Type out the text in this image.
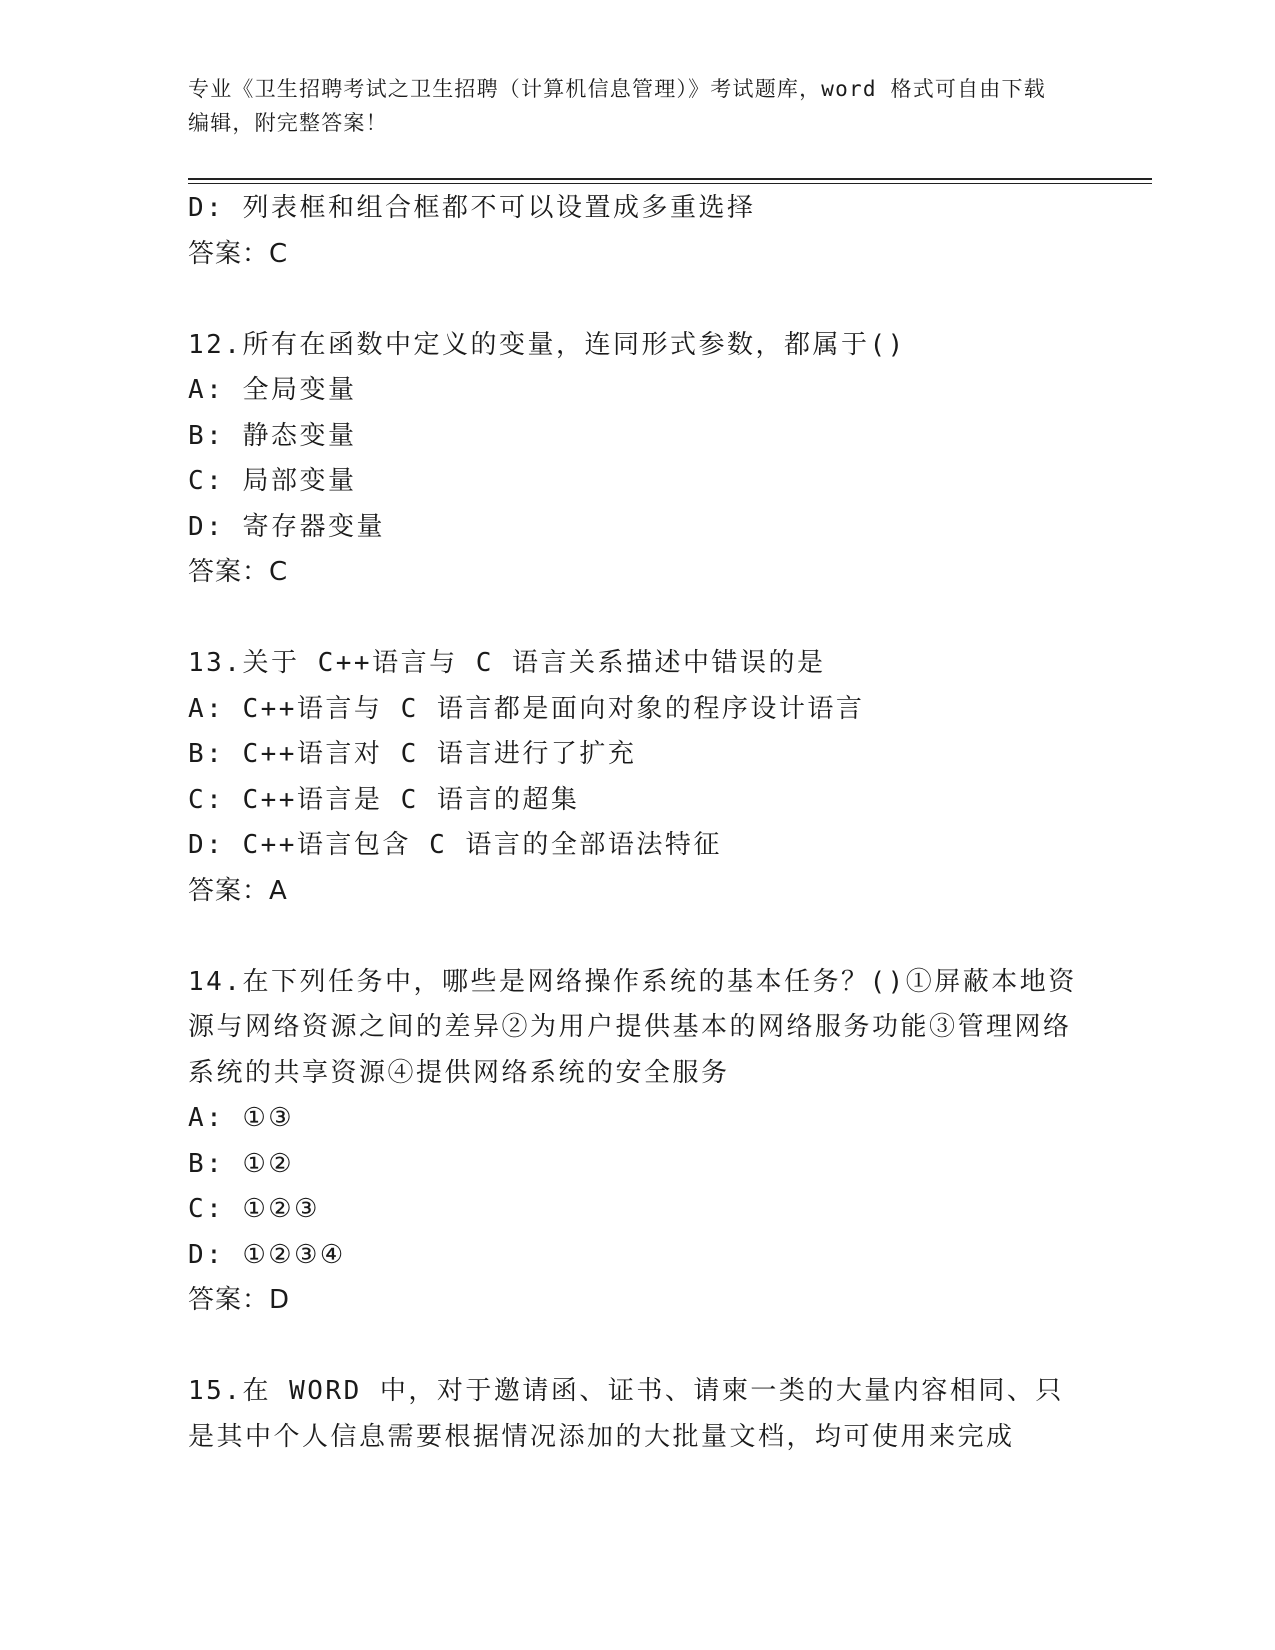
专业《卫生招聘考试之卫生招聘（计算机信息管理）》考试题库，word 格式可自由下载编辑，附完整答案！
D: 列表框和组合框都不可以设置成多重选择
答案：C
12.所有在函数中定义的变量，连同形式参数，都属于()
A: 全局变量
B: 静态变量
C: 局部变量
D: 寄存器变量
答案：C
13.关于 C++语言与 C 语言关系描述中错误的是
A: C++语言与 C 语言都是面向对象的程序设计语言
B: C++语言对 C 语言进行了扩充
C: C++语言是 C 语言的超集
D: C++语言包含 C 语言的全部语法特征
答案：A
14.在下列任务中，哪些是网络操作系统的基本任务？()①屏蔽本地资源与网络资源之间的差异②为用户提供基本的网络服务功能③管理网络系统的共享资源④提供网络系统的安全服务
A: ①③
B: ①②
C: ①②③
D: ①②③④
答案：D
15.在 WORD 中，对于邀请函、证书、请柬一类的大量内容相同、只是其中个人信息需要根据情况添加的大批量文档，均可使用来完成
